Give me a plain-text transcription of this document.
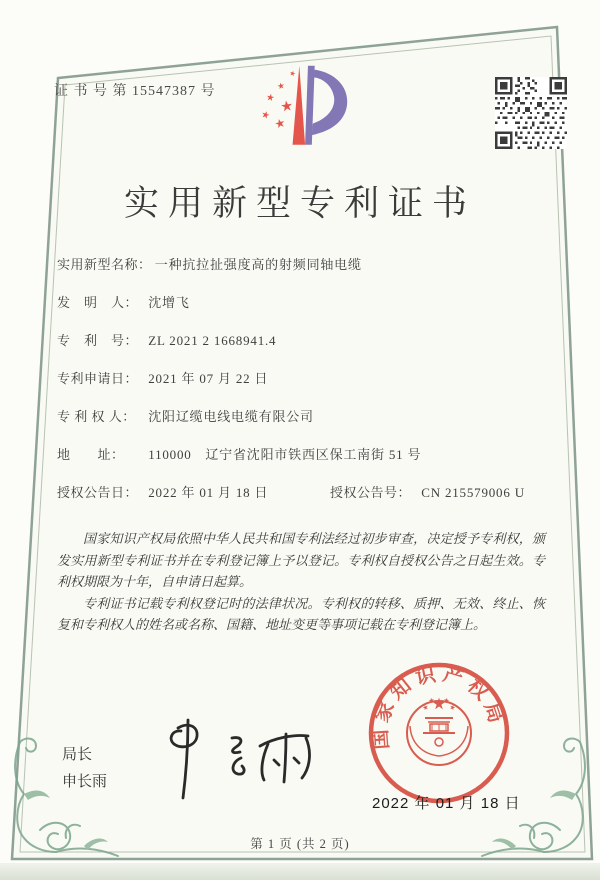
证 书 号 第 15547387 号
实用新型专利证书
实用新型名称： 一种抗拉扯强度高的射频同轴电缆
发　明　人： 沈增飞
专　利　号： ZL 2021 2 1668941.4
专利申请日： 2021 年 07 月 22 日
专 利 权 人： 沈阳辽缆电线电缆有限公司
地　　址： 110000　辽宁省沈阳市铁西区保工南街 51 号
授权公告日： 2022 年 01 月 18 日	授权公告号： CN 215579006 U

国家知识产权局依照中华人民共和国专利法经过初步审查，决定授予专利权，颁发实用新型专利证书并在专利登记簿上予以登记。专利权自授权公告之日起生效。专利权期限为十年，自申请日起算。

专利证书记载专利权登记时的法律状况。专利权的转移、质押、无效、终止、恢复和专利权人的姓名或名称、国籍、地址变更等事项记载在专利登记簿上。

局长
申长雨
国家知识产权局
2022 年 01 月 18 日
第 1 页 (共 2 页)
